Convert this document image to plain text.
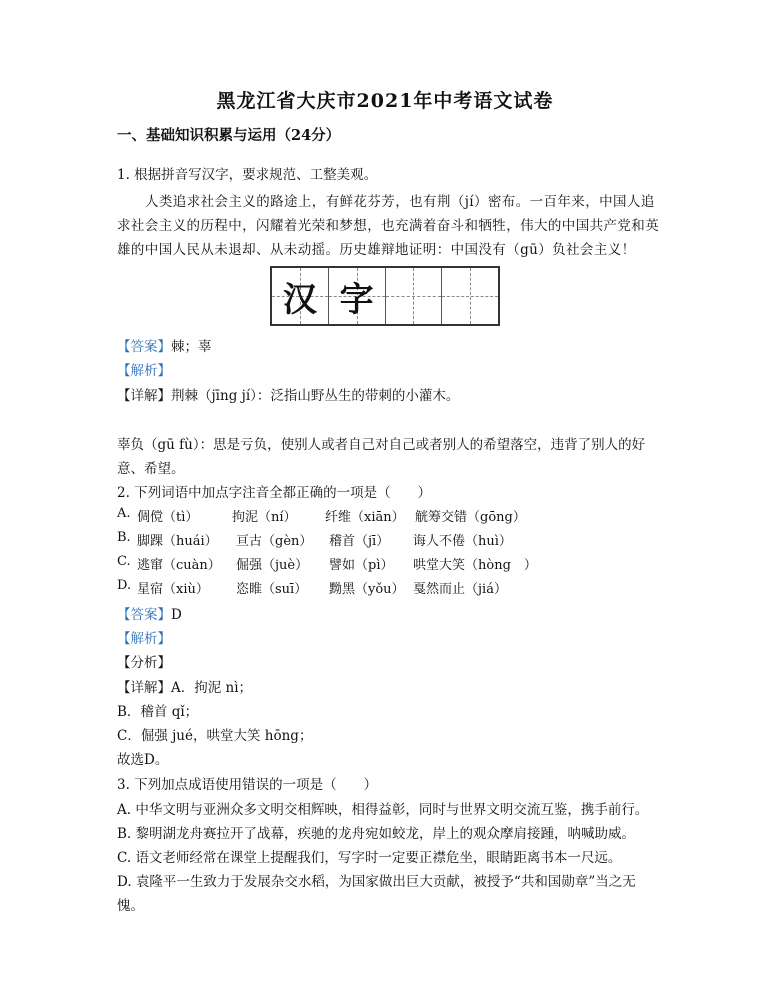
黑龙江省大庆市2021年中考语文试卷
一、基础知识积累与运用（24分）
1. 根据拼音写汉字，要求规范、工整美观。
人类追求社会主义的路途上，有鲜花芬芳，也有荆（jí）密布。一百年来，中国人追
求社会主义的历程中，闪耀着光荣和梦想，也充满着奋斗和牺牲，伟大的中国共产党和英
雄的中国人民从未退却、从未动摇。历史雄辩地证明：中国没有（gū）负社会主义！
汉 字
【答案】棘；辜
【解析】
【详解】荆棘（jīng jí）：泛指山野丛生的带刺的小灌木。
辜负（gū fù）：思是亏负，使别人或者自己对自己或者别人的希望落空，违背了别人的好
意、希望。
2. 下列词语中加点字注音全都正确的一项是（　　）
A. 倜傥（tì）	拘泥（ní） 纤维（xiān） 觥筹交错（gōng）
B. 脚踝（huái） 亘古（gèn） 稽首（jī） 诲人不倦（huì）
C. 逃窜（cuàn） 倔强（juè） 譬如（pì） 哄堂大笑（hòng　）
D. 星宿（xiù） 恣睢（suī） 黝黑（yǒu） 戛然而止（jiá）
【答案】D
【解析】
【分析】
【详解】A．拘泥 nì；
B．稽首 qǐ；
C．倔强 jué，哄堂大笑 hōng；
故选D。
3. 下列加点成语使用错误的一项是（　　）
A. 中华文明与亚洲众多文明交相辉映，相得益彰，同时与世界文明交流互鉴，携手前行。
B. 黎明湖龙舟赛拉开了战幕，疾驰的龙舟宛如蛟龙，岸上的观众摩肩接踵，呐喊助威。
C. 语文老师经常在课堂上提醒我们，写字时一定要正襟危坐，眼睛距离书本一尺远。
D. 袁隆平一生致力于发展杂交水稻，为国家做出巨大贡献，被授予“共和国勋章”当之无
愧。
